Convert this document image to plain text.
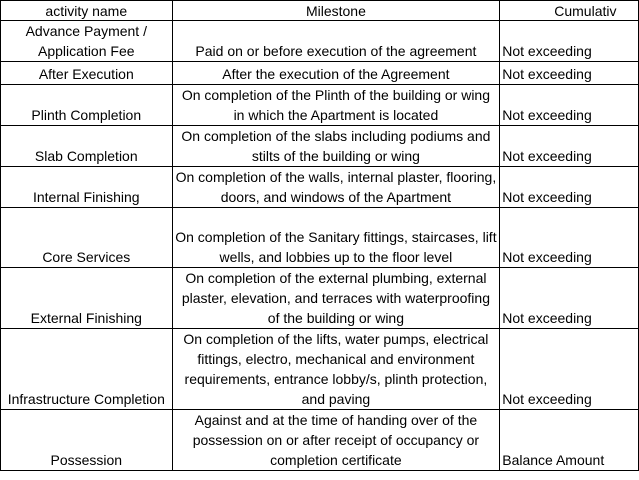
activity name	Milestone	Cumulativ
Advance Payment / Application Fee	Paid on or before execution of the agreement	Not exceeding
After Execution	After the execution of the Agreement	Not exceeding
Plinth Completion	On completion of the Plinth of the building or wing in which the Apartment is located	Not exceeding
Slab Completion	On completion of the slabs including podiums and stilts of the building or wing	Not exceeding
Internal Finishing	On completion of the walls, internal plaster, flooring, doors, and windows of the Apartment	Not exceeding
Core Services	On completion of the Sanitary fittings, staircases, lift wells, and lobbies up to the floor level	Not exceeding
External Finishing	On completion of the external plumbing, external plaster, elevation, and terraces with waterproofing of the building or wing	Not exceeding
Infrastructure Completion	On completion of the lifts, water pumps, electrical fittings, electro, mechanical and environment requirements, entrance lobby/s, plinth protection, and paving	Not exceeding
Possession	Against and at the time of handing over of the possession on or after receipt of occupancy or completion certificate	Balance Amount
